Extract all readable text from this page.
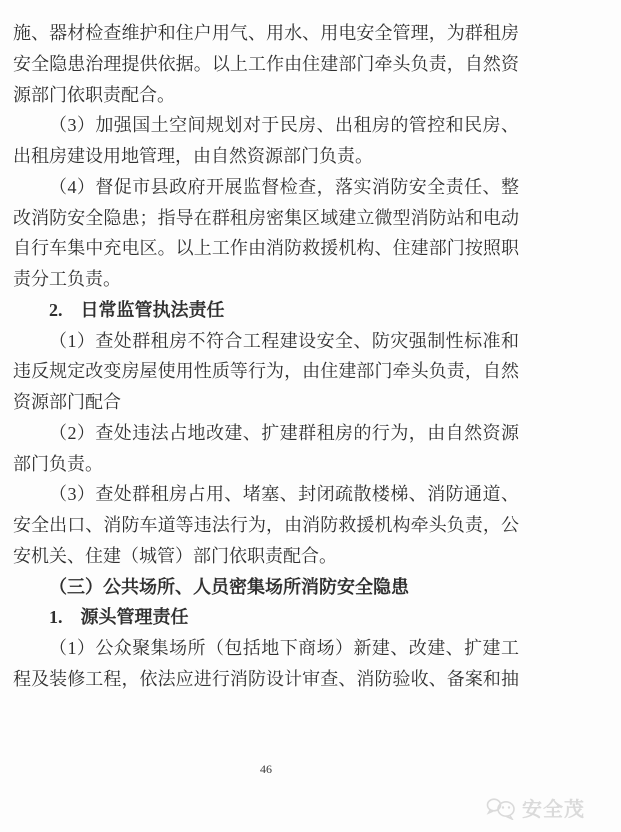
施、器材检查维护和住户用气、用水、用电安全管理，为群租房
安全隐患治理提供依据。以上工作由住建部门牵头负责，自然资
源部门依职责配合。
（3）加强国土空间规划对于民房、出租房的管控和民房、
出租房建设用地管理，由自然资源部门负责。
（4）督促市县政府开展监督检查，落实消防安全责任、整
改消防安全隐患；指导在群租房密集区域建立微型消防站和电动
自行车集中充电区。以上工作由消防救援机构、住建部门按照职
责分工负责。
2.　日常监管执法责任
（1）查处群租房不符合工程建设安全、防灾强制性标准和
违反规定改变房屋使用性质等行为，由住建部门牵头负责，自然
资源部门配合
（2）查处违法占地改建、扩建群租房的行为，由自然资源
部门负责。
（3）查处群租房占用、堵塞、封闭疏散楼梯、消防通道、
安全出口、消防车道等违法行为，由消防救援机构牵头负责，公
安机关、住建（城管）部门依职责配合。
（三）公共场所、人员密集场所消防安全隐患
1.　源头管理责任
（1）公众聚集场所（包括地下商场）新建、改建、扩建工
程及装修工程，依法应进行消防设计审查、消防验收、备案和抽
46
安全茂
